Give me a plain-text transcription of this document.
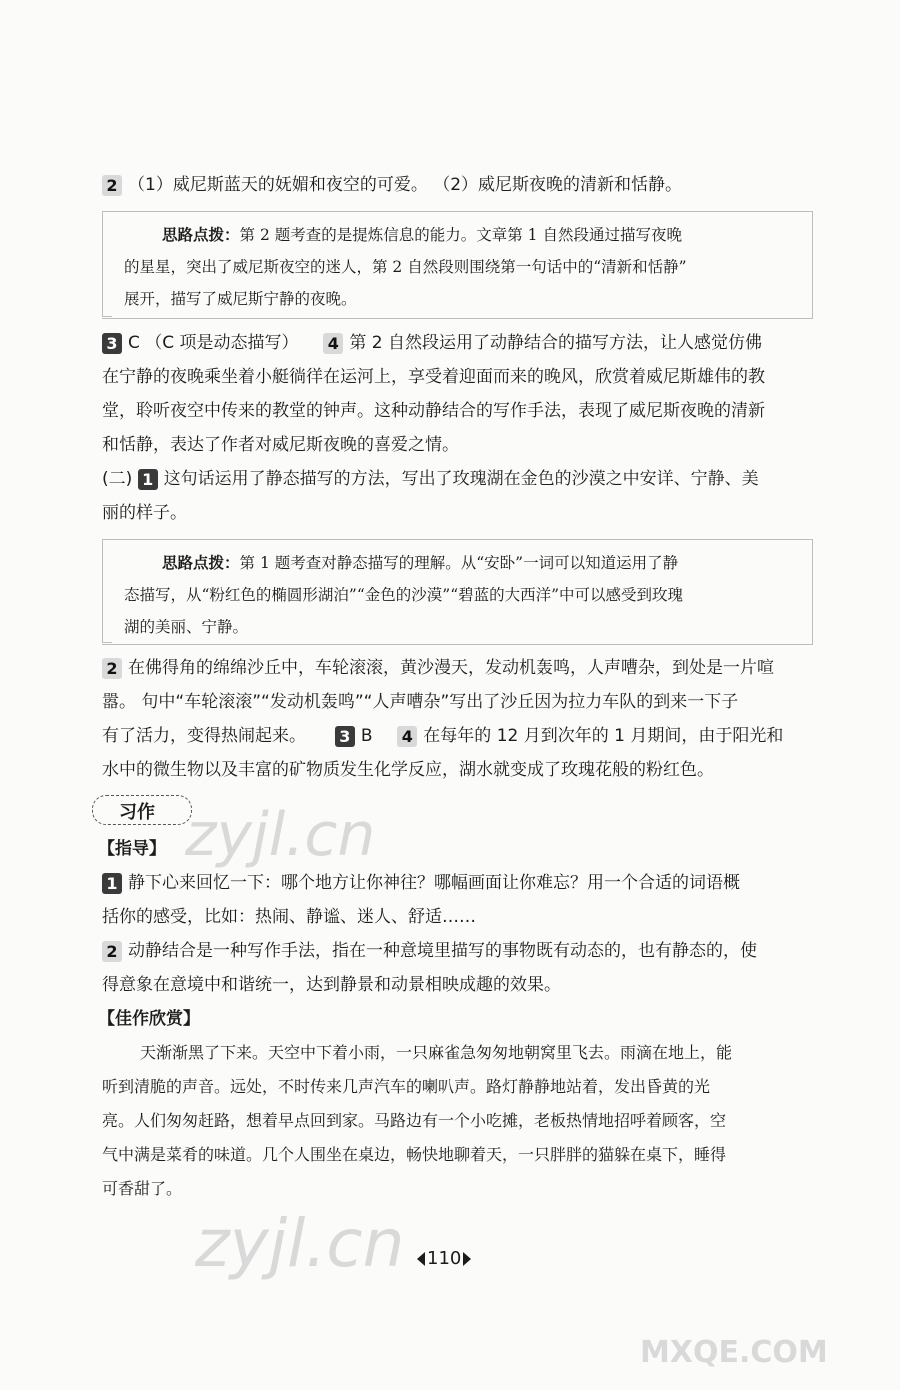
2 （1）威尼斯蓝天的妩媚和夜空的可爱。 （2）威尼斯夜晚的清新和恬静。
思路点拨：第 2 题考查的是提炼信息的能力。文章第 1 自然段通过描写夜晚
的星星，突出了威尼斯夜空的迷人，第 2 自然段则围绕第一句话中的“清新和恬静”
展开，描写了威尼斯宁静的夜晚。
3 C （C 项是动态描写） 4 第 2 自然段运用了动静结合的描写方法，让人感觉仿佛
在宁静的夜晚乘坐着小艇徜徉在运河上，享受着迎面而来的晚风，欣赏着威尼斯雄伟的教
堂，聆听夜空中传来的教堂的钟声。这种动静结合的写作手法，表现了威尼斯夜晚的清新
和恬静，表达了作者对威尼斯夜晚的喜爱之情。
(二) 1 这句话运用了静态描写的方法，写出了玫瑰湖在金色的沙漠之中安详、宁静、美
丽的样子。
思路点拨：第 1 题考查对静态描写的理解。从“安卧”一词可以知道运用了静
态描写，从“粉红色的椭圆形湖泊”“金色的沙漠”“碧蓝的大西洋”中可以感受到玫瑰
湖的美丽、宁静。
2 在佛得角的绵绵沙丘中，车轮滚滚，黄沙漫天，发动机轰鸣，人声嘈杂，到处是一片喧
嚣。 句中“车轮滚滚”“发动机轰鸣”“人声嘈杂”写出了沙丘因为拉力车队的到来一下子
有了活力，变得热闹起来。 3 B 4 在每年的 12 月到次年的 1 月期间，由于阳光和
水中的微生物以及丰富的矿物质发生化学反应，湖水就变成了玫瑰花般的粉红色。
习作
【指导】
1 静下心来回忆一下：哪个地方让你神往？哪幅画面让你难忘？用一个合适的词语概
括你的感受，比如：热闹、静谧、迷人、舒适……
2 动静结合是一种写作手法，指在一种意境里描写的事物既有动态的，也有静态的，使
得意象在意境中和谐统一，达到静景和动景相映成趣的效果。
【佳作欣赏】
天渐渐黑了下来。天空中下着小雨，一只麻雀急匆匆地朝窝里飞去。雨滴在地上，能
听到清脆的声音。远处，不时传来几声汽车的喇叭声。路灯静静地站着，发出昏黄的光
亮。人们匆匆赶路，想着早点回到家。马路边有一个小吃摊，老板热情地招呼着顾客，空
气中满是菜肴的味道。几个人围坐在桌边，畅快地聊着天，一只胖胖的猫躲在桌下，睡得
可香甜了。
zyjl.cn
zyjl.cn
MXQE.COM
110
